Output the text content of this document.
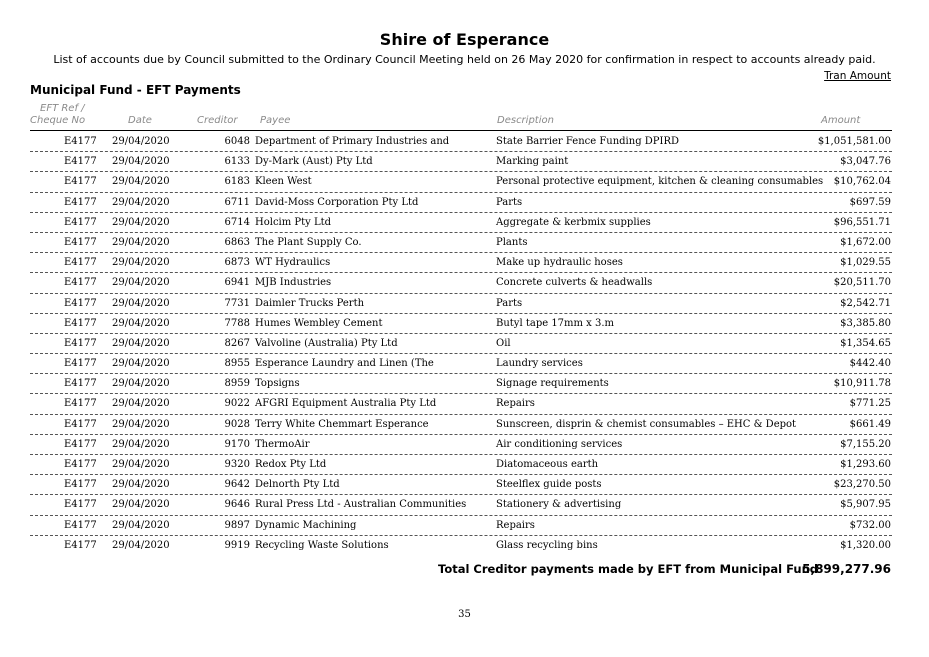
Shire of Esperance
List of accounts due by Council submitted to the Ordinary Council Meeting held on 26 May 2020 for confirmation in respect to accounts already paid.
Tran Amount
Municipal Fund - EFT Payments
EFT Ref /
Cheque No	Date	Creditor Payee	Description	Amount
E4177 29/04/2020	6048 Department of Primary Industries and	State Barrier Fence Funding DPIRD	$1,051,581.00
E4177 29/04/2020	6133 Dy-Mark (Aust) Pty Ltd	Marking paint	$3,047.76
E4177 29/04/2020	6183 Kleen West	Personal protective equipment, kitchen & cleaning consumables $10,762.04
E4177 29/04/2020	6711 David-Moss Corporation Pty Ltd	Parts	$697.59
E4177 29/04/2020	6714 Holcim Pty Ltd	Aggregate & kerbmix supplies	$96,551.71
E4177 29/04/2020	6863 The Plant Supply Co.	Plants	$1,672.00
E4177 29/04/2020	6873 WT Hydraulics	Make up hydraulic hoses	$1,029.55
E4177 29/04/2020	6941 MJB Industries	Concrete culverts & headwalls	$20,511.70
E4177 29/04/2020	7731 Daimler Trucks Perth	Parts	$2,542.71
E4177 29/04/2020	7788 Humes Wembley Cement	Butyl tape 17mm x 3.m	$3,385.80
E4177 29/04/2020	8267 Valvoline (Australia) Pty Ltd	Oil	$1,354.65
E4177 29/04/2020	8955 Esperance Laundry and Linen (The	Laundry services	$442.40
E4177 29/04/2020	8959 Topsigns	Signage requirements	$10,911.78
E4177 29/04/2020	9022 AFGRI Equipment Australia Pty Ltd	Repairs	$771.25
E4177 29/04/2020	9028 Terry White Chemmart Esperance	Sunscreen, disprin & chemist consumables – EHC & Depot	$661.49
E4177 29/04/2020	9170 ThermoAir	Air conditioning services	$7,155.20
E4177 29/04/2020	9320 Redox Pty Ltd	Diatomaceous earth	$1,293.60
E4177 29/04/2020	9642 Delnorth Pty Ltd	Steelflex guide posts	$23,270.50
E4177 29/04/2020	9646 Rural Press Ltd - Australian Communities	Stationery & advertising	$5,907.95
E4177 29/04/2020	9897 Dynamic Machining	Repairs	$732.00
E4177 29/04/2020	9919 Recycling Waste Solutions	Glass recycling bins	$1,320.00
Total Creditor payments made by EFT from Municipal Fund
5,899,277.96
35
